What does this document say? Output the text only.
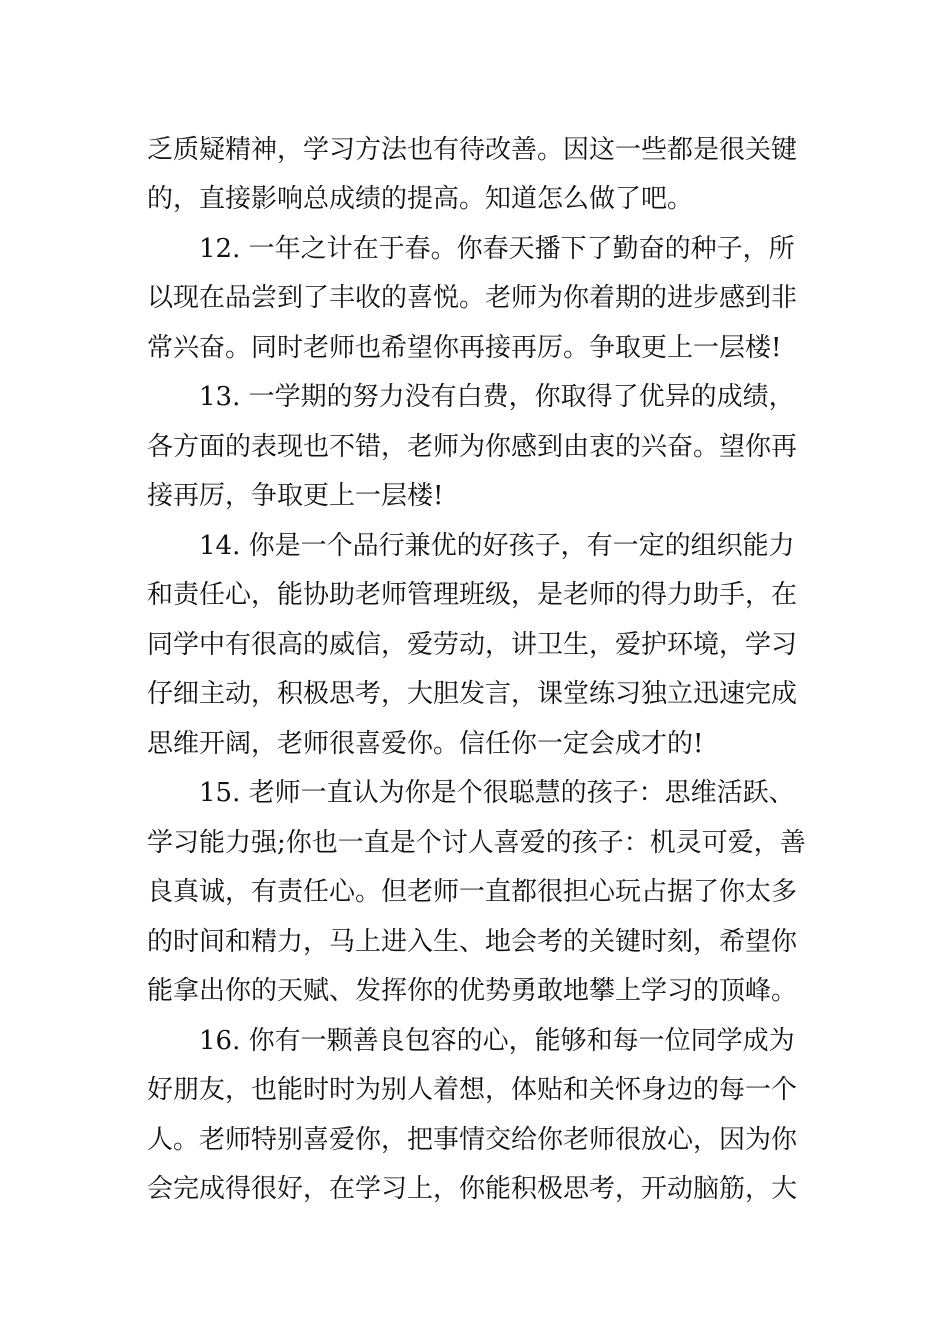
乏质疑精神，学习方法也有待改善。因这一些都是很关键
的，直接影响总成绩的提高。知道怎么做了吧。
12. 一年之计在于春。你春天播下了勤奋的种子，所
以现在品尝到了丰收的喜悦。老师为你着期的进步感到非
常兴奋。同时老师也希望你再接再厉。争取更上一层楼!
13. 一学期的努力没有白费，你取得了优异的成绩，
各方面的表现也不错，老师为你感到由衷的兴奋。望你再
接再厉，争取更上一层楼!
14. 你是一个品行兼优的好孩子，有一定的组织能力
和责任心，能协助老师管理班级，是老师的得力助手，在
同学中有很高的威信，爱劳动，讲卫生，爱护环境，学习
仔细主动，积极思考，大胆发言，课堂练习独立迅速完成
思维开阔，老师很喜爱你。信任你一定会成才的!
15. 老师一直认为你是个很聪慧的孩子：思维活跃、
学习能力强;你也一直是个讨人喜爱的孩子：机灵可爱，善
良真诚，有责任心。但老师一直都很担心玩占据了你太多
的时间和精力，马上进入生、地会考的关键时刻，希望你
能拿出你的天赋、发挥你的优势勇敢地攀上学习的顶峰。
16. 你有一颗善良包容的心，能够和每一位同学成为
好朋友，也能时时为别人着想，体贴和关怀身边的每一个
人。老师特别喜爱你，把事情交给你老师很放心，因为你
会完成得很好，在学习上，你能积极思考，开动脑筋，大
